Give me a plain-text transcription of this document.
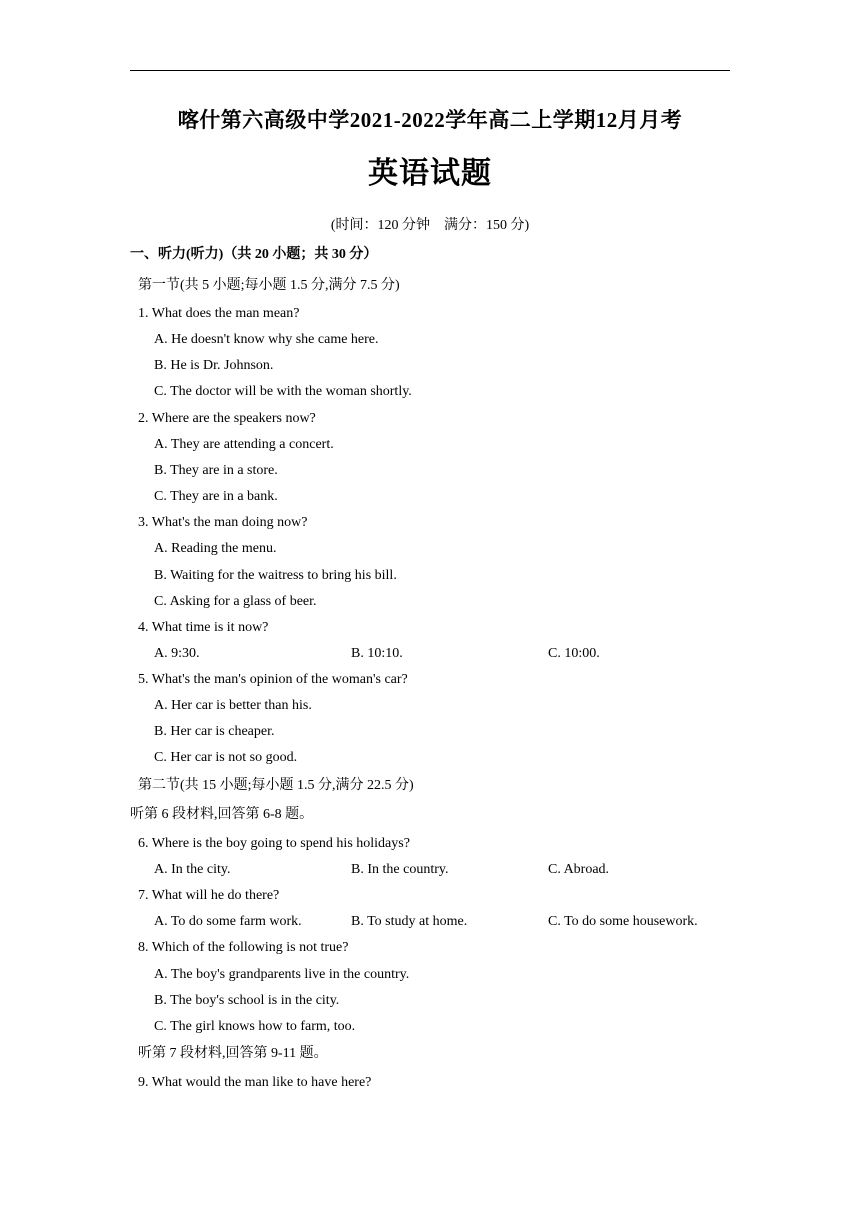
喀什第六高级中学2021-2022学年高二上学期12月月考
英语试题
(时间：120 分钟　满分：150 分)
一、听力(听力)（共 20 小题；共 30 分）
第一节(共 5 小题;每小题 1.5 分,满分 7.5 分)
1. What does the man mean?
A. He doesn't know why she came here.
B. He is Dr. Johnson.
C. The doctor will be with the woman shortly.
2. Where are the speakers now?
A. They are attending a concert.
B. They are in a store.
C. They are in a bank.
3. What's the man doing now?
A. Reading the menu.
B. Waiting for the waitress to bring his bill.
C. Asking for a glass of beer.
4. What time is it now?
A. 9:30.	B. 10:10.	C. 10:00.
5. What's the man's opinion of the woman's car?
A. Her car is better than his.
B. Her car is cheaper.
C. Her car is not so good.
第二节(共 15 小题;每小题 1.5 分,满分 22.5 分)
听第 6 段材料,回答第 6-8 题。
6. Where is the boy going to spend his holidays?
A. In the city.	B. In the country.	C. Abroad.
7. What will he do there?
A. To do some farm work.	B. To study at home.	C. To do some housework.
8. Which of the following is not true?
A. The boy's grandparents live in the country.
B. The boy's school is in the city.
C. The girl knows how to farm, too.
听第 7 段材料,回答第 9-11 题。
9. What would the man like to have here?
